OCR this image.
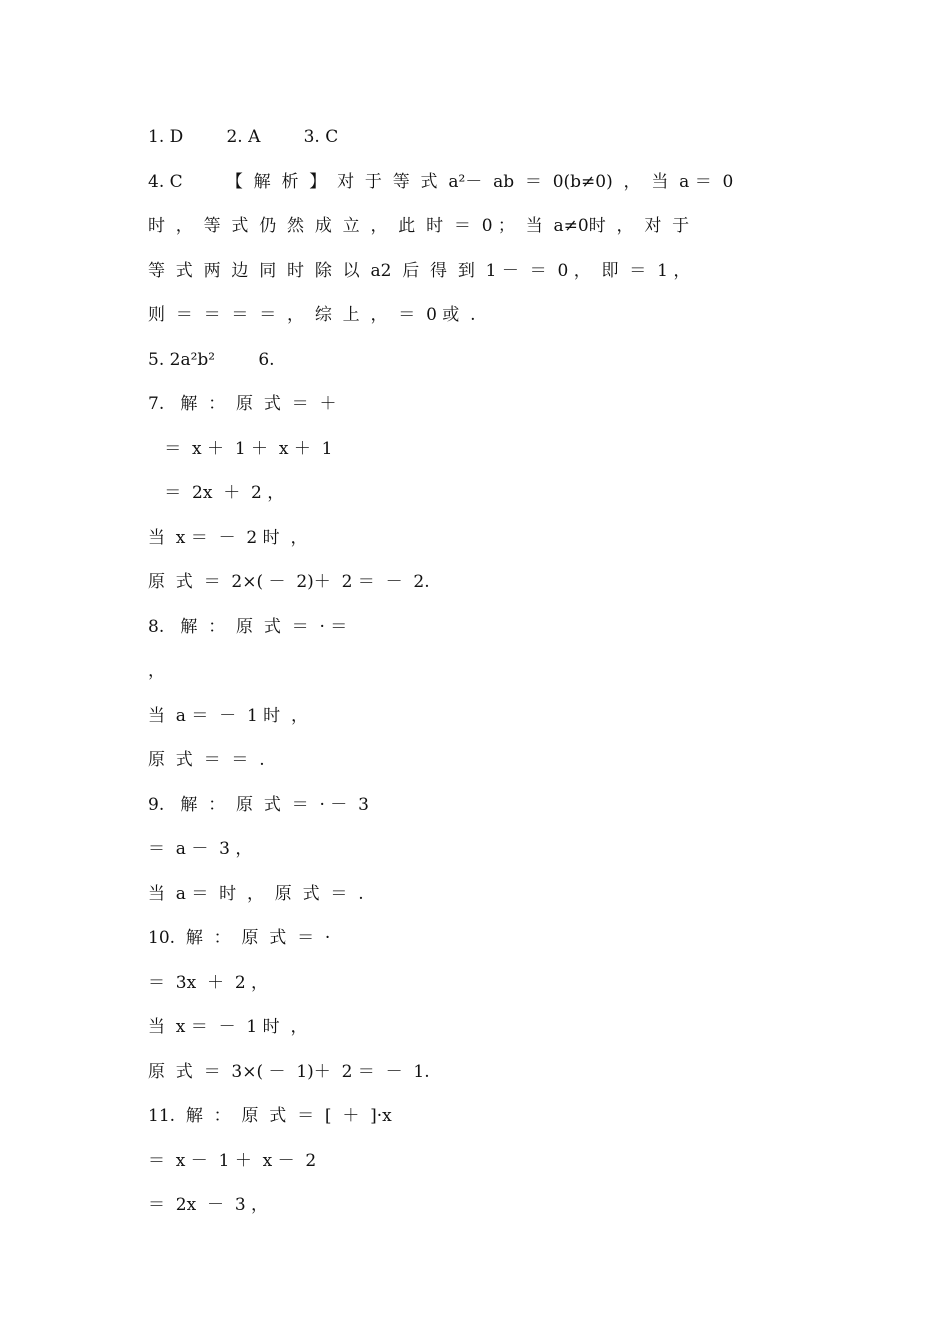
1. D        2. A        3. C
4. C        【  解  析  】  对  于  等  式  a²－  ab  ＝  0(b≠0)  ，  当  a ＝  0
时  ，  等  式  仍  然  成  立  ，  此  时  ＝  0 ；  当  a≠0时  ，  对  于
等  式  两  边  同  时  除  以  a2  后  得  到  1 －  ＝  0 ，  即  ＝  1 ，
则  ＝  ＝  ＝  ＝  ，  综  上  ，  ＝  0 或  .
5. 2a²b²        6.
7.   解  ：  原  式  ＝  ＋
＝  x ＋  1 ＋  x ＋  1
＝  2x  ＋  2 ，
当  x ＝  －  2 时  ，
原  式  ＝  2×( －  2)＋  2 ＝  －  2.
8.   解  ：  原  式  ＝  · ＝
，
当  a ＝  －  1 时  ，
原  式  ＝  ＝  .
9.   解  ：  原  式  ＝  · －  3
＝  a －  3 ，
当  a ＝  时  ，  原  式  ＝  .
10.  解  ：  原  式  ＝  ·
＝  3x  ＋  2 ，
当  x ＝  －  1 时  ，
原  式  ＝  3×( －  1)＋  2 ＝  －  1.
11.  解  ：  原  式  ＝  [  ＋  ]·x
＝  x －  1 ＋  x －  2
＝  2x  －  3 ，
